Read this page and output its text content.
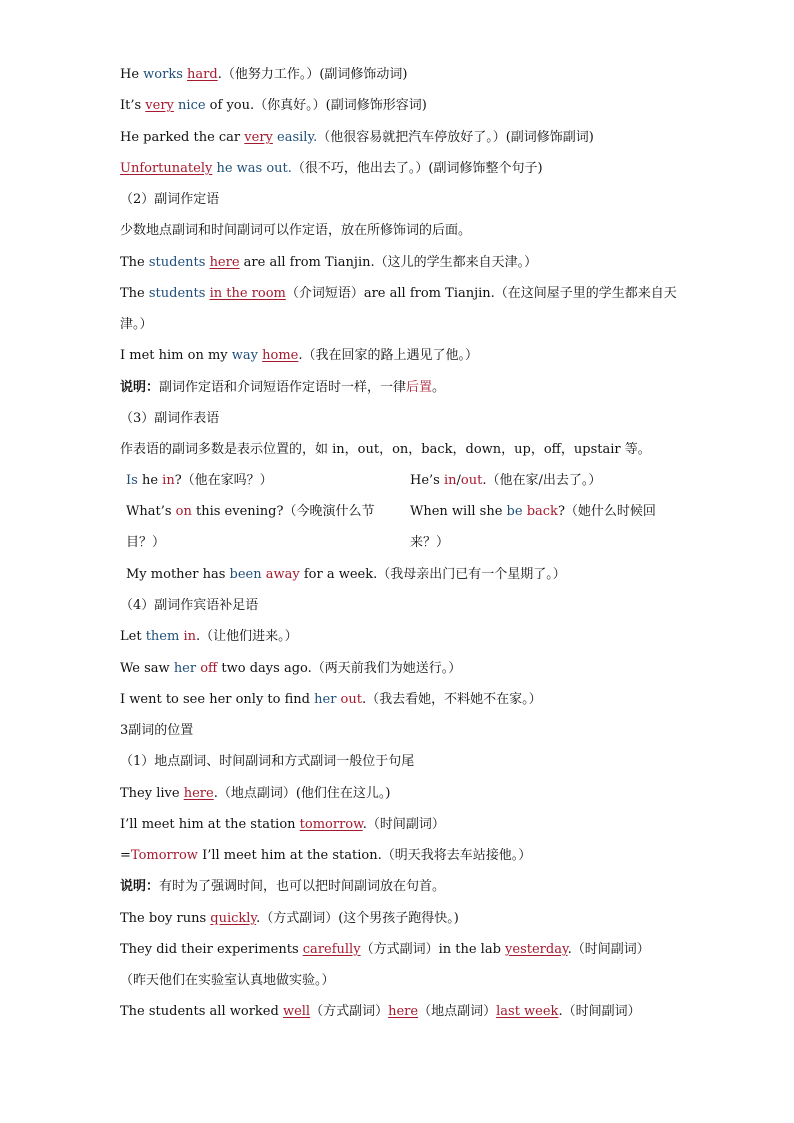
He works hard.（他努力工作。）(副词修饰动词)
It’s very nice of you.（你真好。）(副词修饰形容词)
He parked the car very easily.（他很容易就把汽车停放好了。）(副词修饰副词)
Unfortunately he was out.（很不巧，他出去了。）(副词修饰整个句子)
（2）副词作定语
少数地点副词和时间副词可以作定语，放在所修饰词的后面。
The students here are all from Tianjin.（这儿的学生都来自天津。）
The students in the room（介词短语）are all from Tianjin.（在这间屋子里的学生都来自天
津。）
I met him on my way home.（我在回家的路上遇见了他。）
说明：副词作定语和介词短语作定语时一样，一律后置。
（3）副词作表语
作表语的副词多数是表示位置的，如 in，out，on，back，down，up，off，upstair 等。
Is he in?（他在家吗？）	He’s in/out.（他在家/出去了。）
What’s on this evening?（今晚演什么节	When will she be back?（她什么时候回
目？）	来？）
My mother has been away for a week.（我母亲出门已有一个星期了。）
（4）副词作宾语补足语
Let them in.（让他们进来。）
We saw her off two days ago.（两天前我们为她送行。）
I went to see her only to find her out.（我去看她，不料她不在家。）
3副词的位置
（1）地点副词、时间副词和方式副词一般位于句尾
They live here.（地点副词）(他们住在这儿。)
I’ll meet him at the station tomorrow.（时间副词）
=Tomorrow I’ll meet him at the station.（明天我将去车站接他。）
说明：有时为了强调时间，也可以把时间副词放在句首。
The boy runs quickly.（方式副词）(这个男孩子跑得快。)
They did their experiments carefully（方式副词）in the lab yesterday.（时间副词）
（昨天他们在实验室认真地做实验。）
The students all worked well（方式副词）here（地点副词）last week.（时间副词）
